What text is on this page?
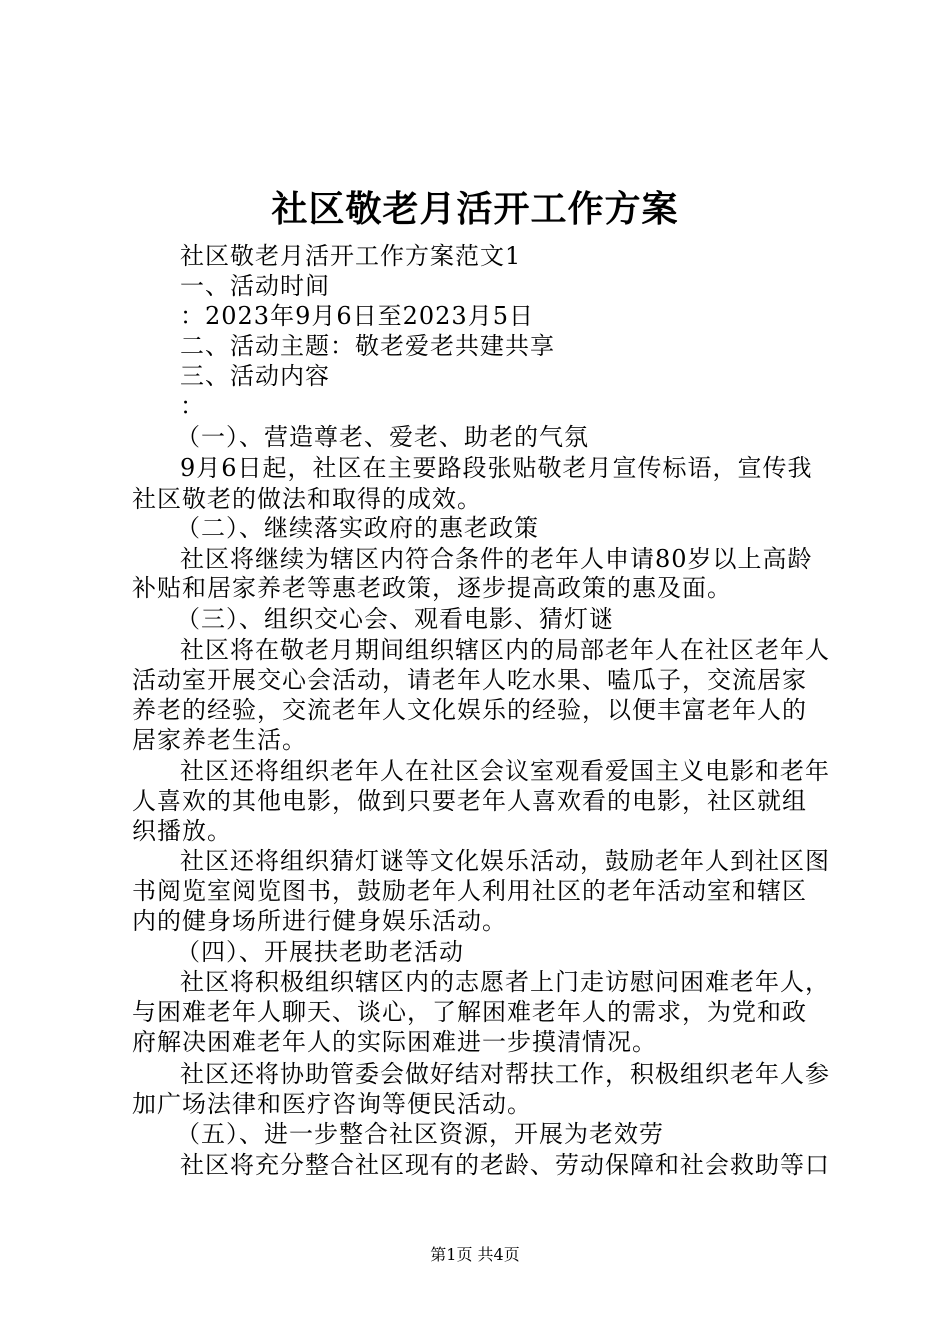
社区敬老月活开工作方案
社区敬老月活开工作方案范文1
一、活动时间
：2023年9月6日至2023月5日
二、活动主题：敬老爱老共建共享
三、活动内容
：
（一）、营造尊老、爱老、助老的气氛
9月6日起，社区在主要路段张贴敬老月宣传标语，宣传我
社区敬老的做法和取得的成效。
（二）、继续落实政府的惠老政策
社区将继续为辖区内符合条件的老年人申请80岁以上高龄
补贴和居家养老等惠老政策，逐步提高政策的惠及面。
（三）、组织交心会、观看电影、猜灯谜
社区将在敬老月期间组织辖区内的局部老年人在社区老年人
活动室开展交心会活动，请老年人吃水果、嗑瓜子，交流居家
养老的经验，交流老年人文化娱乐的经验，以便丰富老年人的
居家养老生活。
社区还将组织老年人在社区会议室观看爱国主义电影和老年
人喜欢的其他电影，做到只要老年人喜欢看的电影，社区就组
织播放。
社区还将组织猜灯谜等文化娱乐活动，鼓励老年人到社区图
书阅览室阅览图书，鼓励老年人利用社区的老年活动室和辖区
内的健身场所进行健身娱乐活动。
（四）、开展扶老助老活动
社区将积极组织辖区内的志愿者上门走访慰问困难老年人，
与困难老年人聊天、谈心，了解困难老年人的需求，为党和政
府解决困难老年人的实际困难进一步摸清情况。
社区还将协助管委会做好结对帮扶工作，积极组织老年人参
加广场法律和医疗咨询等便民活动。
（五）、进一步整合社区资源，开展为老效劳
社区将充分整合社区现有的老龄、劳动保障和社会救助等口
第1页 共4页
